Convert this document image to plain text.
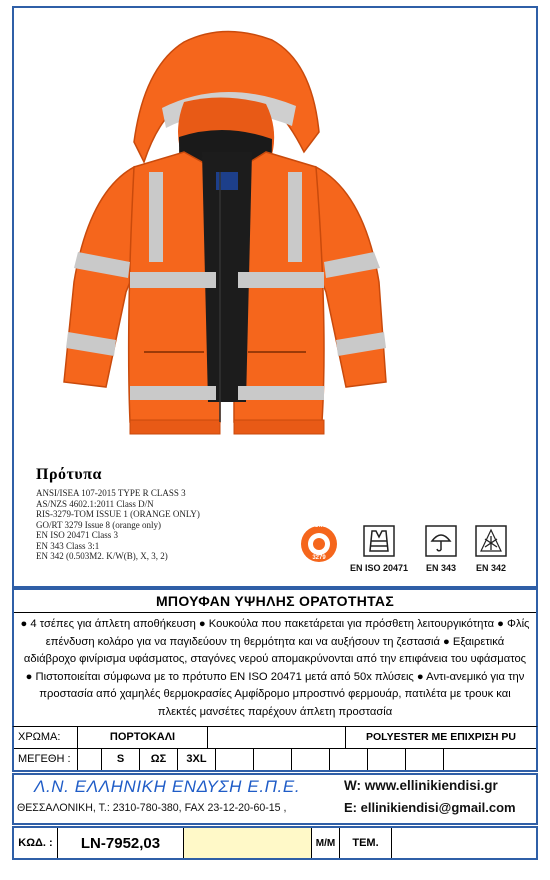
Πρότυπα
ANSI/ISEA 107-2015 TYPE R CLASS 3
AS/NZS 4602.1:2011 Class D/N
RIS-3279-TOM ISSUE 1 (ORANGE ONLY)
GO/RT 3279 Issue 8 (orange only)
EN ISO 20471 Class 3
EN 343 Class 3:1
EN 342 (0.503M2. K/W(B), X, 3, 2)
GO/RT
3279
EN ISO 20471	EN 343	EN 342
ΜΠΟΥΦΑΝ ΥΨΗΛΗΣ ΟΡΑΤΟΤΗΤΑΣ
● 4 τσέπες για άπλετη αποθήκευση ● Κουκούλα που πακετάρεται για πρόσθετη λειτουργικότητα ● Φλίς επένδυση κολάρο για να παγιδεύουν τη θερμότητα και να αυξήσουν τη ζεστασιά ● Εξαιρετικά αδιάβροχο φινίρισμα υφάσματος, σταγόνες νερού απομακρύνονται από την επιφάνεια του υφάσματος ● Πιστοποιείται σύμφωνα με το πρότυπο EN ISO 20471 μετά από 50x πλύσεις ● Αντι-ανεμικό για την προστασία από χαμηλές θερμοκρασίες Αμφίδρομο μπροστινό φερμουάρ, πατιλέτα με τρουκ και πλεκτές μανσέτες παρέχουν άπλετη προστασία
ΧΡΩΜΑ:	ΠΟΡΤΟΚΑΛΙ	POLYESTER ΜΕ ΕΠΙΧΡΙΣΗ PU
ΜΕΓΕΘΗ :	S	ΩΣ	3XL
Λ.Ν. ΕΛΛΗΝΙΚΗ ΕΝΔΥΣΗ Ε.Π.Ε.
ΘΕΣΣΑΛΟΝΙΚΗ, Τ.: 2310-780-380, FAX 23-12-20-60-15 ,
W: www.ellinikiendisi.gr
E: ellinikiendisi@gmail.com
ΚΩΔ. :	LN-7952,03	Μ/Μ	ΤΕΜ.
